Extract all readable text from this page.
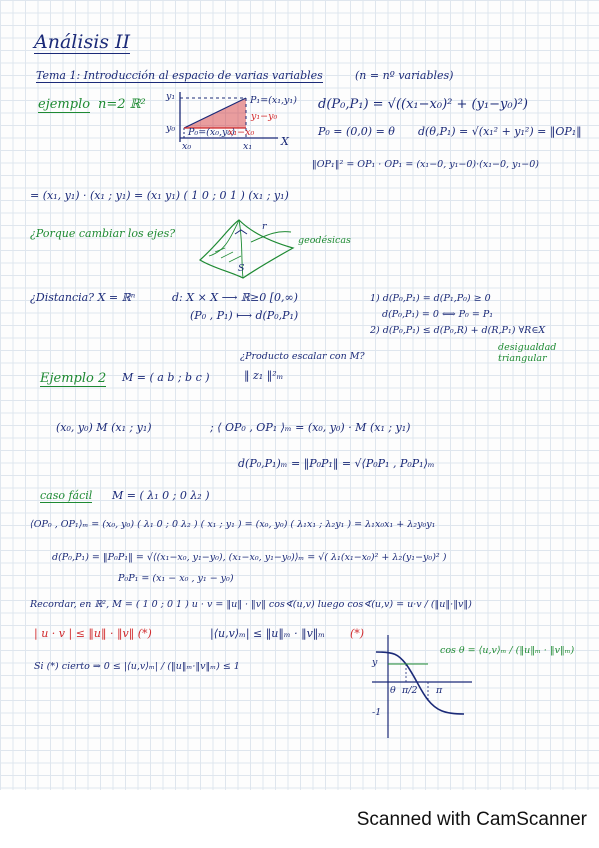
Análisis II
Tema 1: Introducción al espacio de varias variables	(n = nº variables)
ejemplo n=2 ℝ²
y₁
y₀
x₀	x₁	X
P₁=(x₁,y₁)
P₀=(x₀,y₀)
y₁−y₀
x₁−x₀
d(P₀,P₁) = √((x₁−x₀)² + (y₁−y₀)²)
P₀ = (0,0) = θ d(θ,P₁) = √(x₁² + y₁²) = ‖OP₁‖
‖OP₁‖² = OP₁ · OP₁ = (x₁−0, y₁−0)·(x₁−0, y₁−0)
= (x₁, y₁) · (x₁ ; y₁) = (x₁ y₁) ( 1 0 ; 0 1 ) (x₁ ; y₁)
¿Porque cambiar los ejes?
r
S
geodésicas
¿Distancia? X = ℝⁿ	d: X × X ⟶ ℝ≥0 [0,∞)
(P₀ , P₁) ⟼ d(P₀,P₁)
1) d(P₀,P₁) = d(P₁,P₀) ≥ 0
d(P₀,P₁) = 0 ⟺ P₀ = P₁
2) d(P₀,P₁) ≤ d(P₀,R) + d(R,P₁) ∀R∈X
desigualdad triangular
Ejemplo 2 M = ( a b ; b c )
¿Producto escalar con M?
‖ z₁ ‖²ₘ
(x₀, y₀) M (x₁ ; y₁)	; ⟨ OP₀ , OP₁ ⟩ₘ = (x₀, y₀) · M (x₁ ; y₁)
d(P₀,P₁)ₘ = ‖P₀P₁‖ = √⟨P₀P₁ , P₀P₁⟩ₘ
caso fácil M = ( λ₁ 0 ; 0 λ₂ )
⟨OP₀ , OP₁⟩ₘ = (x₀, y₀) ( λ₁ 0 ; 0 λ₂ ) ( x₁ ; y₁ ) = (x₀, y₀) ( λ₁x₁ ; λ₂y₁ ) = λ₁x₀x₁ + λ₂y₀y₁
d(P₀,P₁) = ‖P₀P₁‖ = √⟨(x₁−x₀, y₁−y₀), (x₁−x₀, y₁−y₀)⟩ₘ = √( λ₁(x₁−x₀)² + λ₂(y₁−y₀)² )
P₀P₁ = (x₁ − x₀ , y₁ − y₀)
Recordar, en ℝ², M = ( 1 0 ; 0 1 ) u · v = ‖u‖ · ‖v‖ cos∢(u,v) luego cos∢(u,v) = u·v / (‖u‖·‖v‖)
| u · v | ≤ ‖u‖ · ‖v‖ (*)	|⟨u,v⟩ₘ| ≤ ‖u‖ₘ · ‖v‖ₘ (*)
Si (*) cierto ⇒ 0 ≤ |⟨u,v⟩ₘ| / (‖u‖ₘ·‖v‖ₘ) ≤ 1	y
π/2
θ	π
-1
cos θ = ⟨u,v⟩ₘ / (‖u‖ₘ · ‖v‖ₘ)
Scanned with CamScanner
